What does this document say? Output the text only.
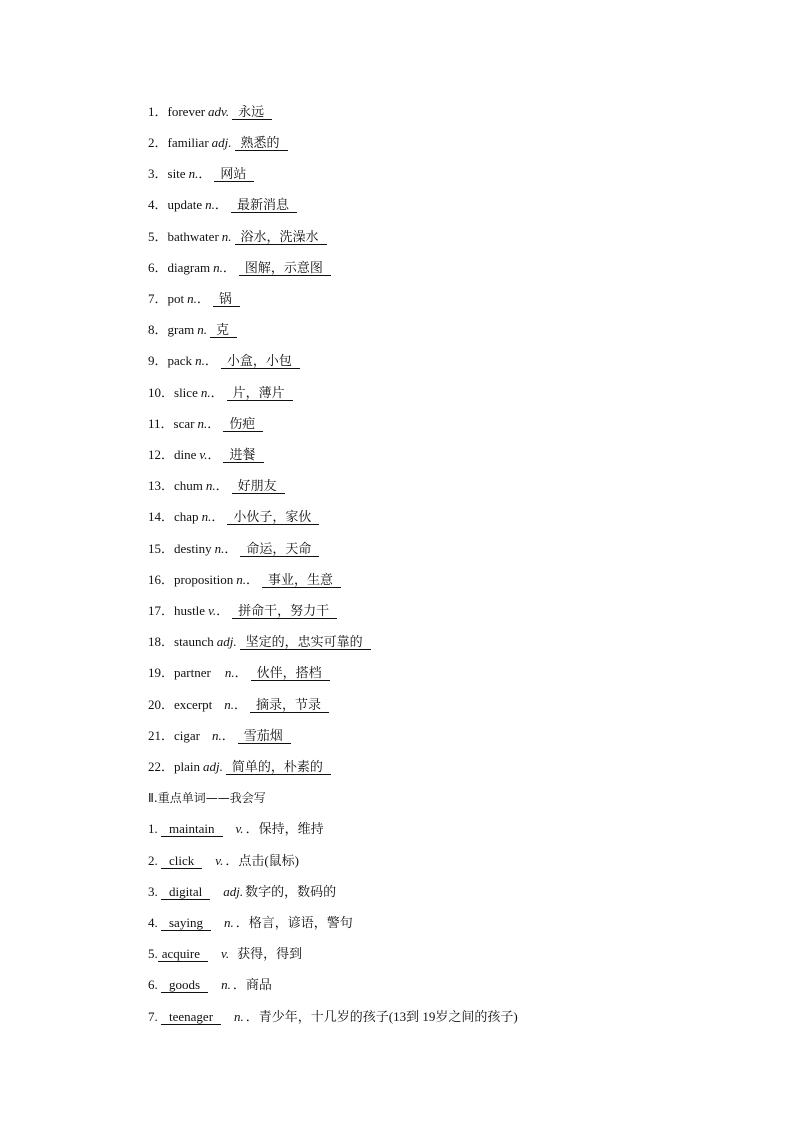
1．forever adv. 永远
2．familiar adj. 熟悉的
3．site n.． 网站
4．update n.． 最新消息
5．bathwater n. 浴水，洗澡水
6．diagram n.． 图解，示意图
7．pot n.． 锅
8．gram n. 克
9．pack n.． 小盒，小包
10．slice n.． 片，薄片
11．scar n.． 伤疤
12．dine v.． 进餐
13．chum n.． 好朋友
14．chap n.． 小伙子，家伙
15．destiny n.． 命运，天命
16．proposition n.． 事业，生意
17．hustle v.． 拼命干，努力干
18．staunch adj. 坚定的，忠实可靠的
19．partner n.． 伙伴，搭档
20．excerpt n.． 摘录，节录
21．cigar n.． 雪茄烟
22．plain adj. 简单的，朴素的
Ⅱ.重点单词——我会写
1. maintain v. ．保持，维持
2. click v. ．点击(鼠标)
3. digital adj. 数字的，数码的
4. saying n. ．格言，谚语，警句
5. acquire v. 获得，得到
6. goods n. ．商品
7. teenager n. ．青少年，十几岁的孩子(13到 19岁之间的孩子)
